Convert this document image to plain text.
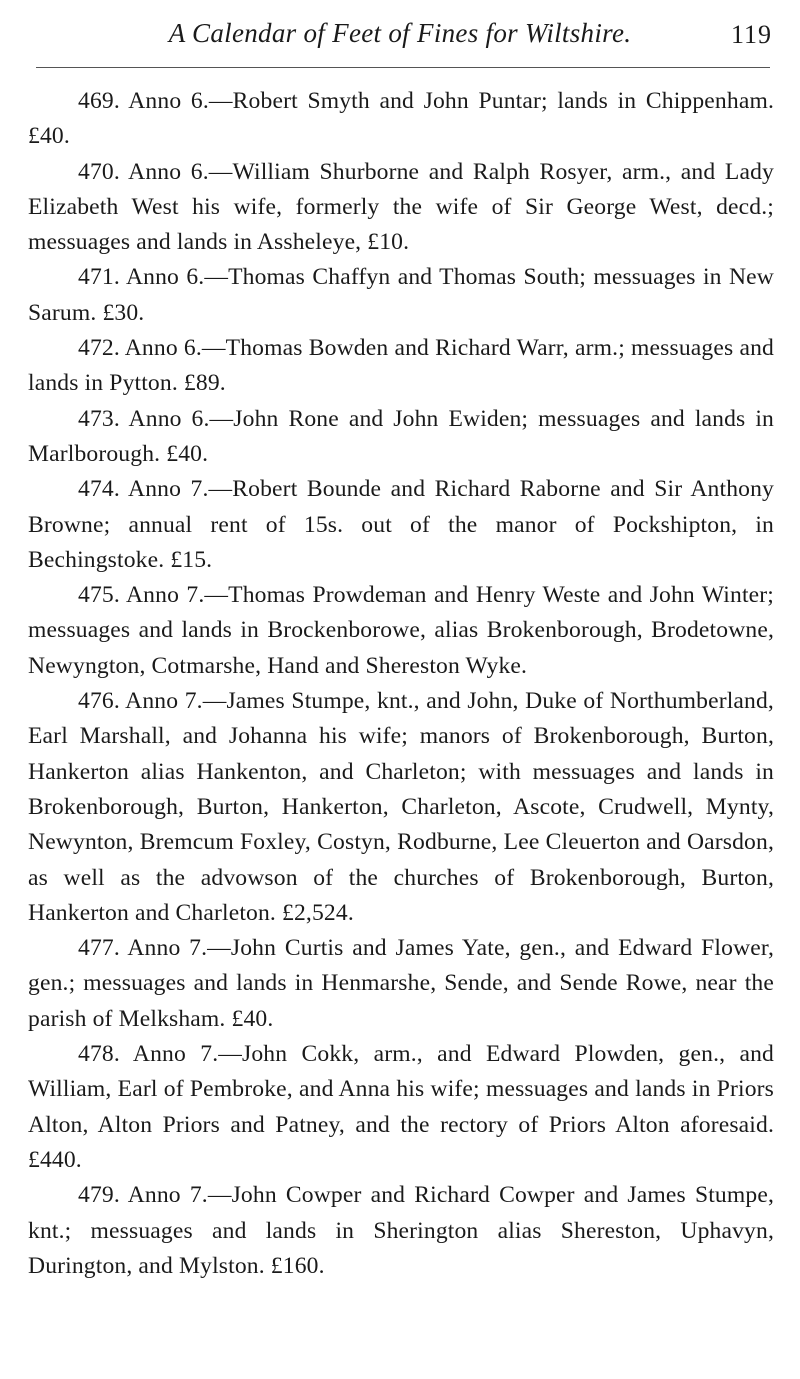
A Calendar of Feet of Fines for Wiltshire.	119

469. Anno 6.—Robert Smyth and John Puntar; lands in Chippenham. £40.

470. Anno 6.—William Shurborne and Ralph Rosyer, arm., and Lady Elizabeth West his wife, formerly the wife of Sir George West, decd.; messuages and lands in Assheleye, £10.

471. Anno 6.—Thomas Chaffyn and Thomas South; messuages in New Sarum. £30.

472. Anno 6.—Thomas Bowden and Richard Warr, arm.; messuages and lands in Pytton. £89.

473. Anno 6.—John Rone and John Ewiden; messuages and lands in Marlborough. £40.

474. Anno 7.—Robert Bounde and Richard Raborne and Sir Anthony Browne; annual rent of 15s. out of the manor of Pockshipton, in Bechingstoke. £15.

475. Anno 7.—Thomas Prowdeman and Henry Weste and John Winter; messuages and lands in Brockenborowe, alias Brokenborough, Brodetowne, Newyngton, Cotmarshe, Hand and Shereston Wyke.

476. Anno 7.—James Stumpe, knt., and John, Duke of Northumberland, Earl Marshall, and Johanna his wife; manors of Brokenborough, Burton, Hankerton alias Hankenton, and Charleton; with messuages and lands in Brokenborough, Burton, Hankerton, Charleton, Ascote, Crudwell, Mynty, Newynton, Bremcum Foxley, Costyn, Rodburne, Lee Cleuerton and Oarsdon, as well as the advowson of the churches of Brokenborough, Burton, Hankerton and Charleton. £2,524.

477. Anno 7.—John Curtis and James Yate, gen., and Edward Flower, gen.; messuages and lands in Henmarshe, Sende, and Sende Rowe, near the parish of Melksham. £40.

478. Anno 7.—John Cokk, arm., and Edward Plowden, gen., and William, Earl of Pembroke, and Anna his wife; messuages and lands in Priors Alton, Alton Priors and Patney, and the rectory of Priors Alton aforesaid. £440.

479. Anno 7.—John Cowper and Richard Cowper and James Stumpe, knt.; messuages and lands in Sherington alias Shereston, Uphavyn, Durington, and Mylston. £160.
